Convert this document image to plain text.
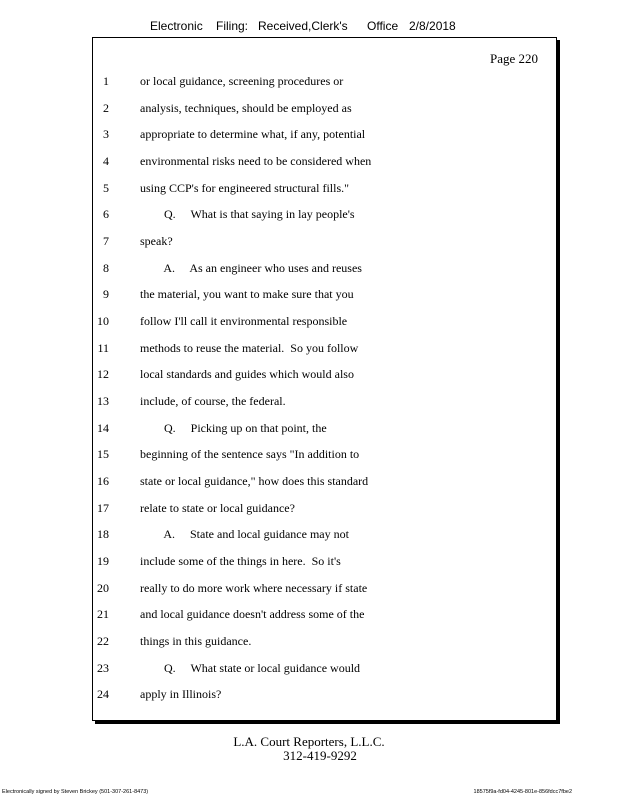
Electronic Filing: Received,Clerk's Office 2/8/2018
Page 220
1	or local guidance, screening procedures or
2	analysis, techniques, should be employed as
3	appropriate to determine what, if any, potential
4	environmental risks need to be considered when
5	using CCP's for engineered structural fills."
6	Q.     What is that saying in lay people's
7	speak?
8	A.     As an engineer who uses and reuses
9	the material, you want to make sure that you
10	follow I'll call it environmental responsible
11	methods to reuse the material.  So you follow
12	local standards and guides which would also
13	include, of course, the federal.
14	Q.     Picking up on that point, the
15	beginning of the sentence says "In addition to
16	state or local guidance," how does this standard
17	relate to state or local guidance?
18	A.     State and local guidance may not
19	include some of the things in here.  So it's
20	really to do more work where necessary if state
21	and local guidance doesn't address some of the
22	things in this guidance.
23	Q.     What state or local guidance would
24	apply in Illinois?
L.A. Court Reporters, L.L.C.
312-419-9292
Electronically signed by Steven Brickey (501-307-261-8473)	18575f9a-fd04-4245-801e-856fdcc7fbe2
